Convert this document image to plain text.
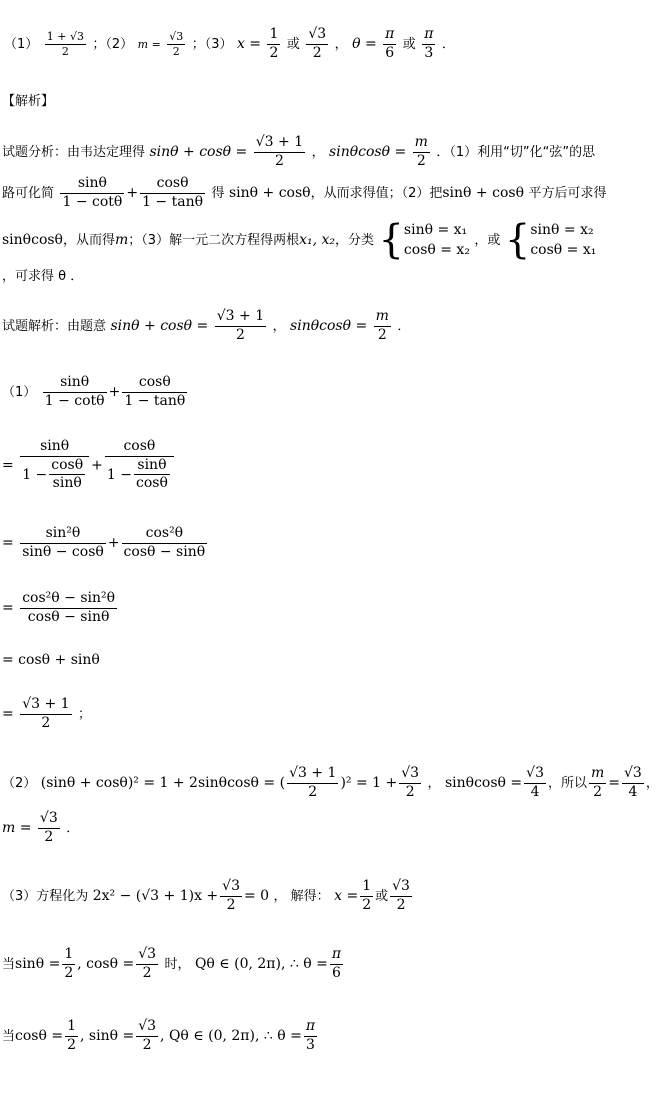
$(1) \frac{1 + √3}{2}$ ；（2） $m = \frac{√3}{2}$ ；（3） $x = \frac{1}{2}$ 或 $\frac{√3}{2}$ ， $\theta = \frac{\pi}{6}$ 或 $\frac{\pi}{3}$ ．
【解析】
试题分析：由韦达定理得 $\sin\theta + \cos\theta = \frac{√3 + 1}{2}$ ， $\sin\theta\cos\theta = \frac{m}{2}$ ．（1）利用“切”化“弦”的思
路可化简 $\frac{\sin\theta}{1 - \cot\theta} + \frac{\cos\theta}{1 - \tan\theta}$ 得 sinθ + cosθ，从而求得值；（2）把sinθ + cosθ 平方后可求得
sinθcosθ，从而得m；（3）解一元二次方程得两根x₁, x₂，分类 { sinθ = x₁
cosθ = x₂
，或 { sinθ = x₂
cosθ = x₁
，可求得 θ ．
试题解析：由题意 $\sin\theta + \cos\theta = \frac{√3 + 1}{2}$ ， $\sin\theta\cos\theta = \frac{m}{2}$ ．
$(1) \frac{\sin\theta}{1 - \cot\theta} + \frac{\cos\theta}{1 - \tan\theta}$
= $\frac{\sin\theta}{1 - \frac{\cos\theta}{\sin\theta}} + \frac{\cos\theta}{1 - \frac{\sin\theta}{\cos\theta}}$
= $\frac{\text{sin²θ}}{\sin\theta - \cos\theta} + \frac{\text{cos²θ}}{\cos\theta - \sin\theta}$
= $\frac{\text{cos²θ − sin²θ}}{\cos\theta - \sin\theta}$
= cosθ + sinθ
= $\frac{√3 + 1}{2}$ ；
（2） (sinθ + cosθ)² = 1 + 2sinθcosθ = ( $\frac{√3 + 1}{2} )^2 = 1 + \frac{√3}{2}$ ， $\sin\theta\cos\theta = \frac{√3}{4}$ ，所以 $\frac{m}{2} = \frac{√3}{4}$ ，
$m = \frac{√3}{2}$ ．
（3）方程化为 $2x^2 - (√3 + 1)x + \frac{√3}{2} = 0$ ， 解得： $x = \frac{1}{2}$ 或 $\frac{√3}{2}$
当$\sin\theta = \frac{1}{2}$ , $\cos\theta = \frac{√3}{2}$ 时， Qθ ∈ (0, 2π), ∴ $\theta = \frac{\pi}{6}$
当$\cos\theta = \frac{1}{2}$ , $\sin\theta = \frac{√3}{2}$ , Qθ ∈ (0, 2π), ∴ $\theta = \frac{\pi}{3}$
